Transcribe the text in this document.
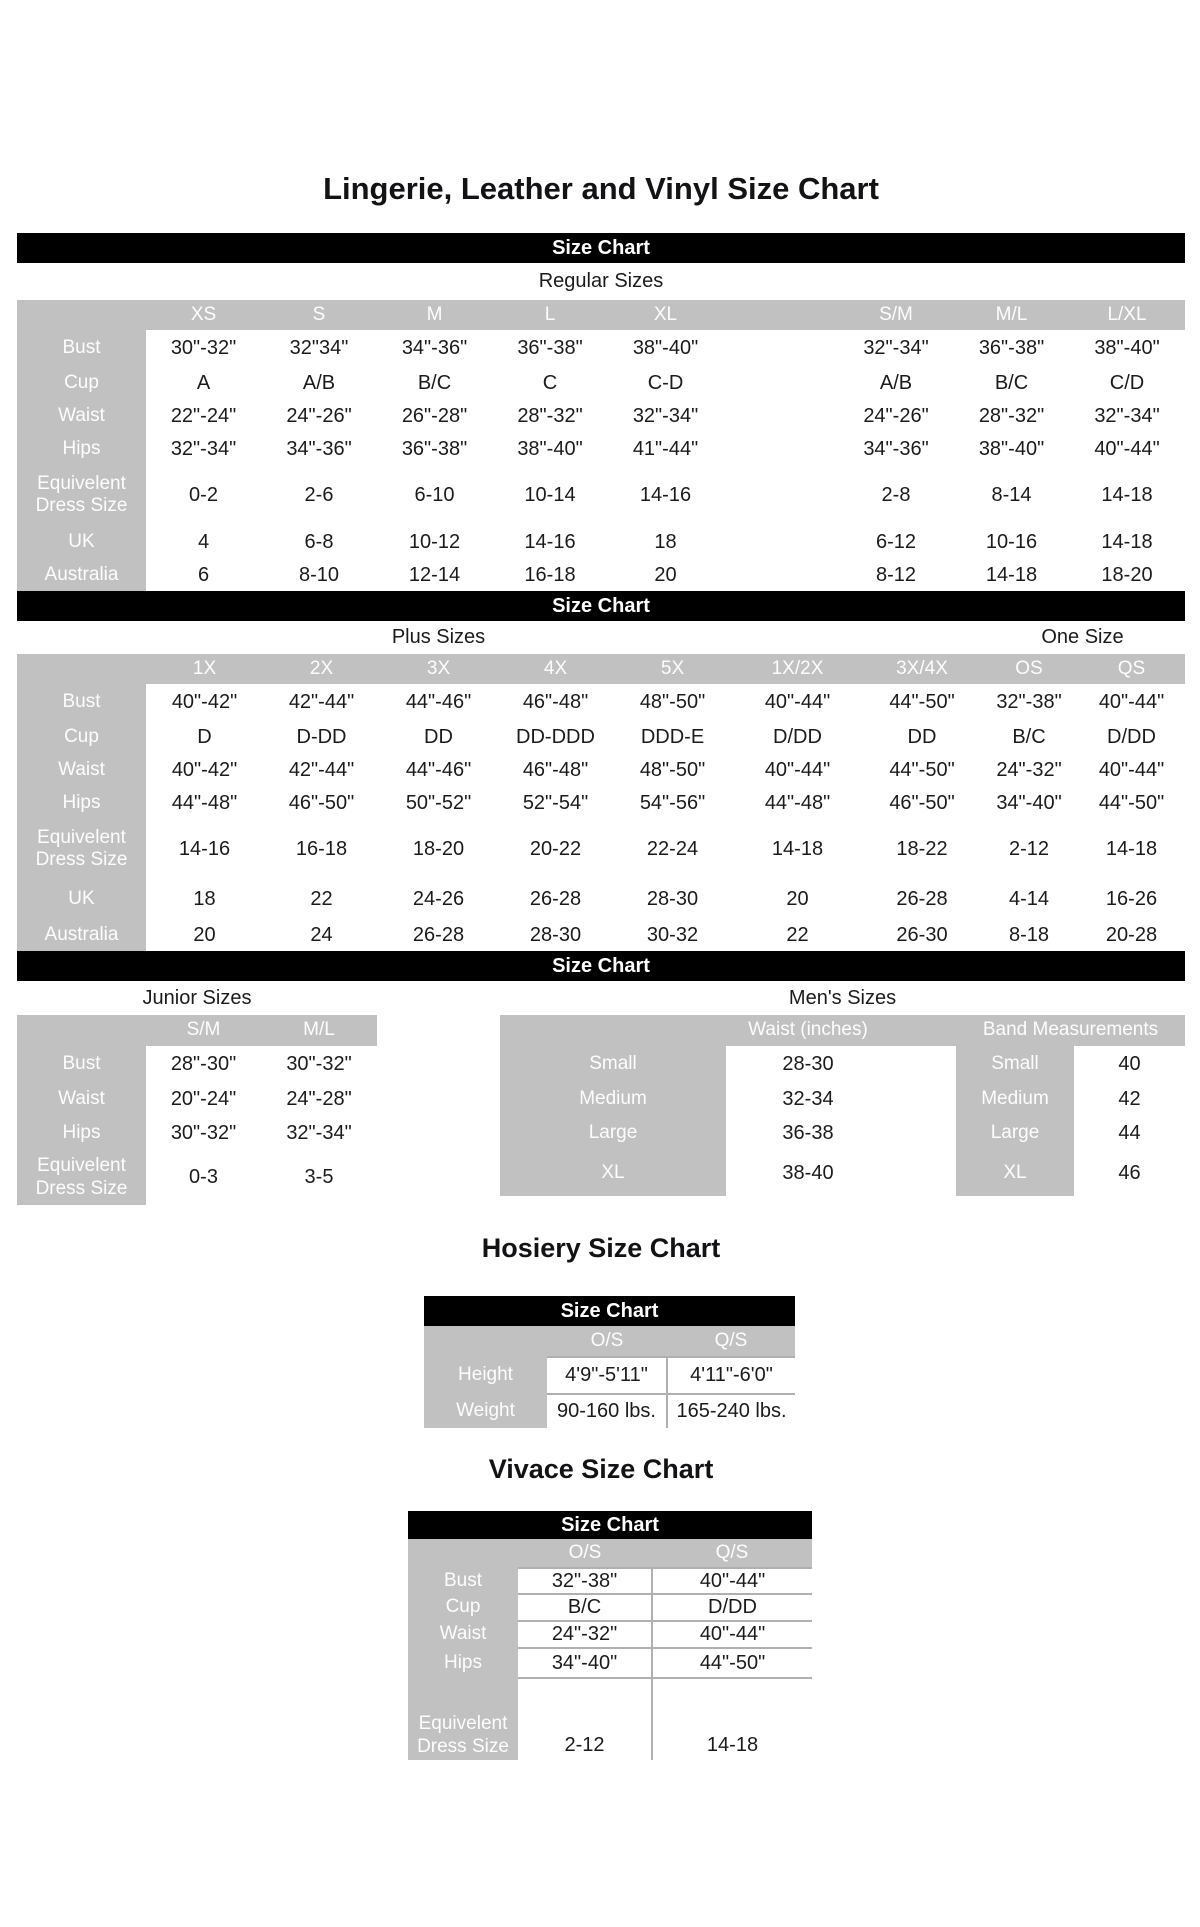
Lingerie, Leather and Vinyl Size Chart
Size Chart
Regular Sizes
	XS	S	M	L	XL		S/M	M/L	L/XL
Bust	30"-32"	32"34"	34"-36"	36"-38"	38"-40"		32"-34"	36"-38"	38"-40"
Cup	A	A/B	B/C	C	C-D		A/B	B/C	C/D
Waist	22"-24"	24"-26"	26"-28"	28"-32"	32"-34"		24"-26"	28"-32"	32"-34"
Hips	32"-34"	34"-36"	36"-38"	38"-40"	41"-44"		34"-36"	38"-40"	40"-44"
Equivelent Dress Size	0-2	2-6	6-10	10-14	14-16		2-8	8-14	14-18
UK	4	6-8	10-12	14-16	18		6-12	10-16	14-18
Australia	6	8-10	12-14	16-18	20		8-12	14-18	18-20
Size Chart
Plus Sizes	One Size
	1X	2X	3X	4X	5X	1X/2X	3X/4X	OS	QS
Bust	40"-42"	42"-44"	44"-46"	46"-48"	48"-50"	40"-44"	44"-50"	32"-38"	40"-44"
Cup	D	D-DD	DD	DD-DDD	DDD-E	D/DD	DD	B/C	D/DD
Waist	40"-42"	42"-44"	44"-46"	46"-48"	48"-50"	40"-44"	44"-50"	24"-32"	40"-44"
Hips	44"-48"	46"-50"	50"-52"	52"-54"	54"-56"	44"-48"	46"-50"	34"-40"	44"-50"
Equivelent Dress Size	14-16	16-18	18-20	20-22	22-24	14-18	18-22	2-12	14-18
UK	18	22	24-26	26-28	28-30	20	26-28	4-14	16-26
Australia	20	24	26-28	28-30	30-32	22	26-30	8-18	20-28
Size Chart
Junior Sizes	Men's Sizes
	S/M	M/L
Bust	28"-30"	30"-32"
Waist	20"-24"	24"-28"
Hips	30"-32"	32"-34"
Equivelent Dress Size	0-3	3-5
	Waist (inches)		Band Measurements	
Small	28-30		Small	40
Medium	32-34		Medium	42
Large	36-38		Large	44
XL	38-40		XL	46
Hosiery Size Chart
Size Chart
	O/S	Q/S
Height	4'9"-5'11"	4'11"-6'0"
Weight	90-160 lbs.	165-240 lbs.
Vivace Size Chart
Size Chart
	O/S	Q/S
Bust	32"-38"	40"-44"
Cup	B/C	D/DD
Waist	24"-32"	40"-44"
Hips	34"-40"	44"-50"
Equivelent Dress Size	2-12	14-18
